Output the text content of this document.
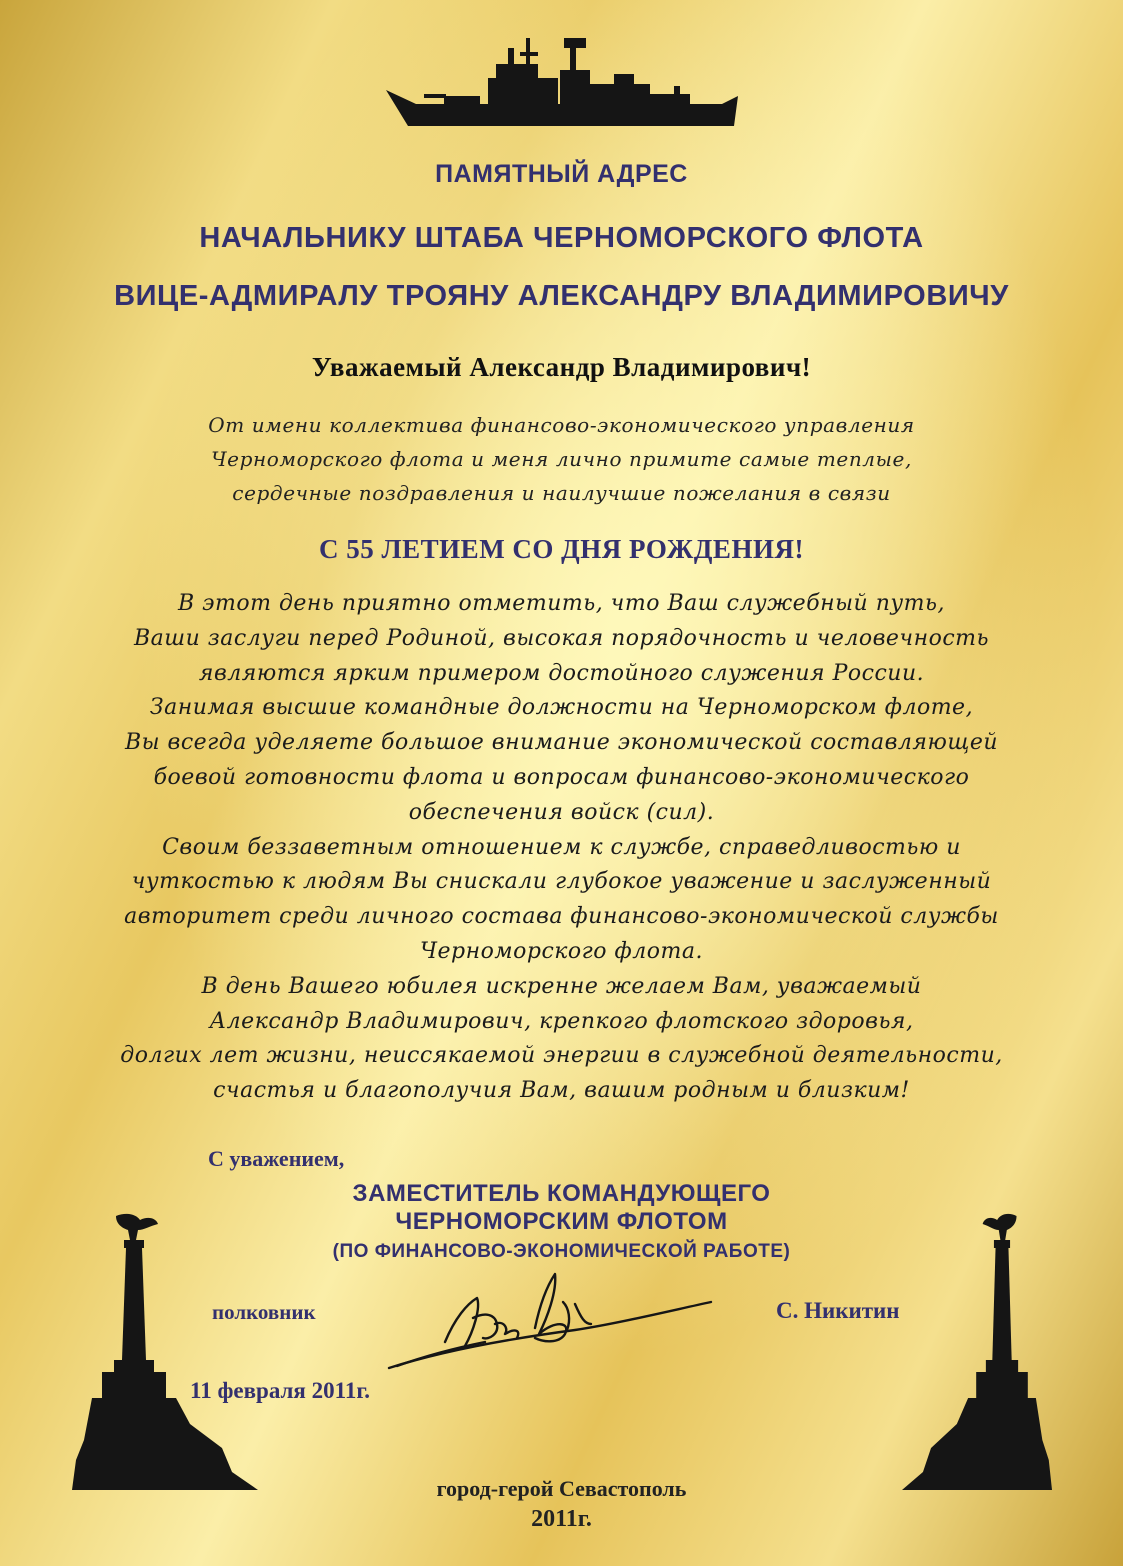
ПАМЯТНЫЙ АДРЕС
НАЧАЛЬНИКУ ШТАБА ЧЕРНОМОРСКОГО ФЛОТА
ВИЦЕ-АДМИРАЛУ ТРОЯНУ АЛЕКСАНДРУ ВЛАДИМИРОВИЧУ
Уважаемый Александр Владимирович!
От имени коллектива финансово-экономического управления
Черноморского флота и меня лично примите самые теплые,
сердечные поздравления и наилучшие пожелания в связи
С 55 ЛЕТИЕМ СО ДНЯ РОЖДЕНИЯ!
В этот день приятно отметить, что Ваш служебный путь,
Ваши заслуги перед Родиной, высокая порядочность и человечность
являются ярким примером достойного служения России.
Занимая высшие командные должности на Черноморском флоте,
Вы всегда уделяете большое внимание экономической составляющей
боевой готовности флота и вопросам финансово-экономического
обеспечения войск (сил).
Своим беззаветным отношением к службе, справедливостью и
чуткостью к людям Вы снискали глубокое уважение и заслуженный
авторитет среди личного состава финансово-экономической службы
Черноморского флота.
В день Вашего юбилея искренне желаем Вам, уважаемый
Александр Владимирович, крепкого флотского здоровья,
долгих лет жизни, неиссякаемой энергии в служебной деятельности,
счастья и благополучия Вам, вашим родным и близким!
С уважением,
ЗАМЕСТИТЕЛЬ КОМАНДУЮЩЕГО
ЧЕРНОМОРСКИМ ФЛОТОМ
(ПО ФИНАНСОВО-ЭКОНОМИЧЕСКОЙ РАБОТЕ)
полковник	С. Никитин
11 февраля 2011г.
город-герой Севастополь
2011г.
